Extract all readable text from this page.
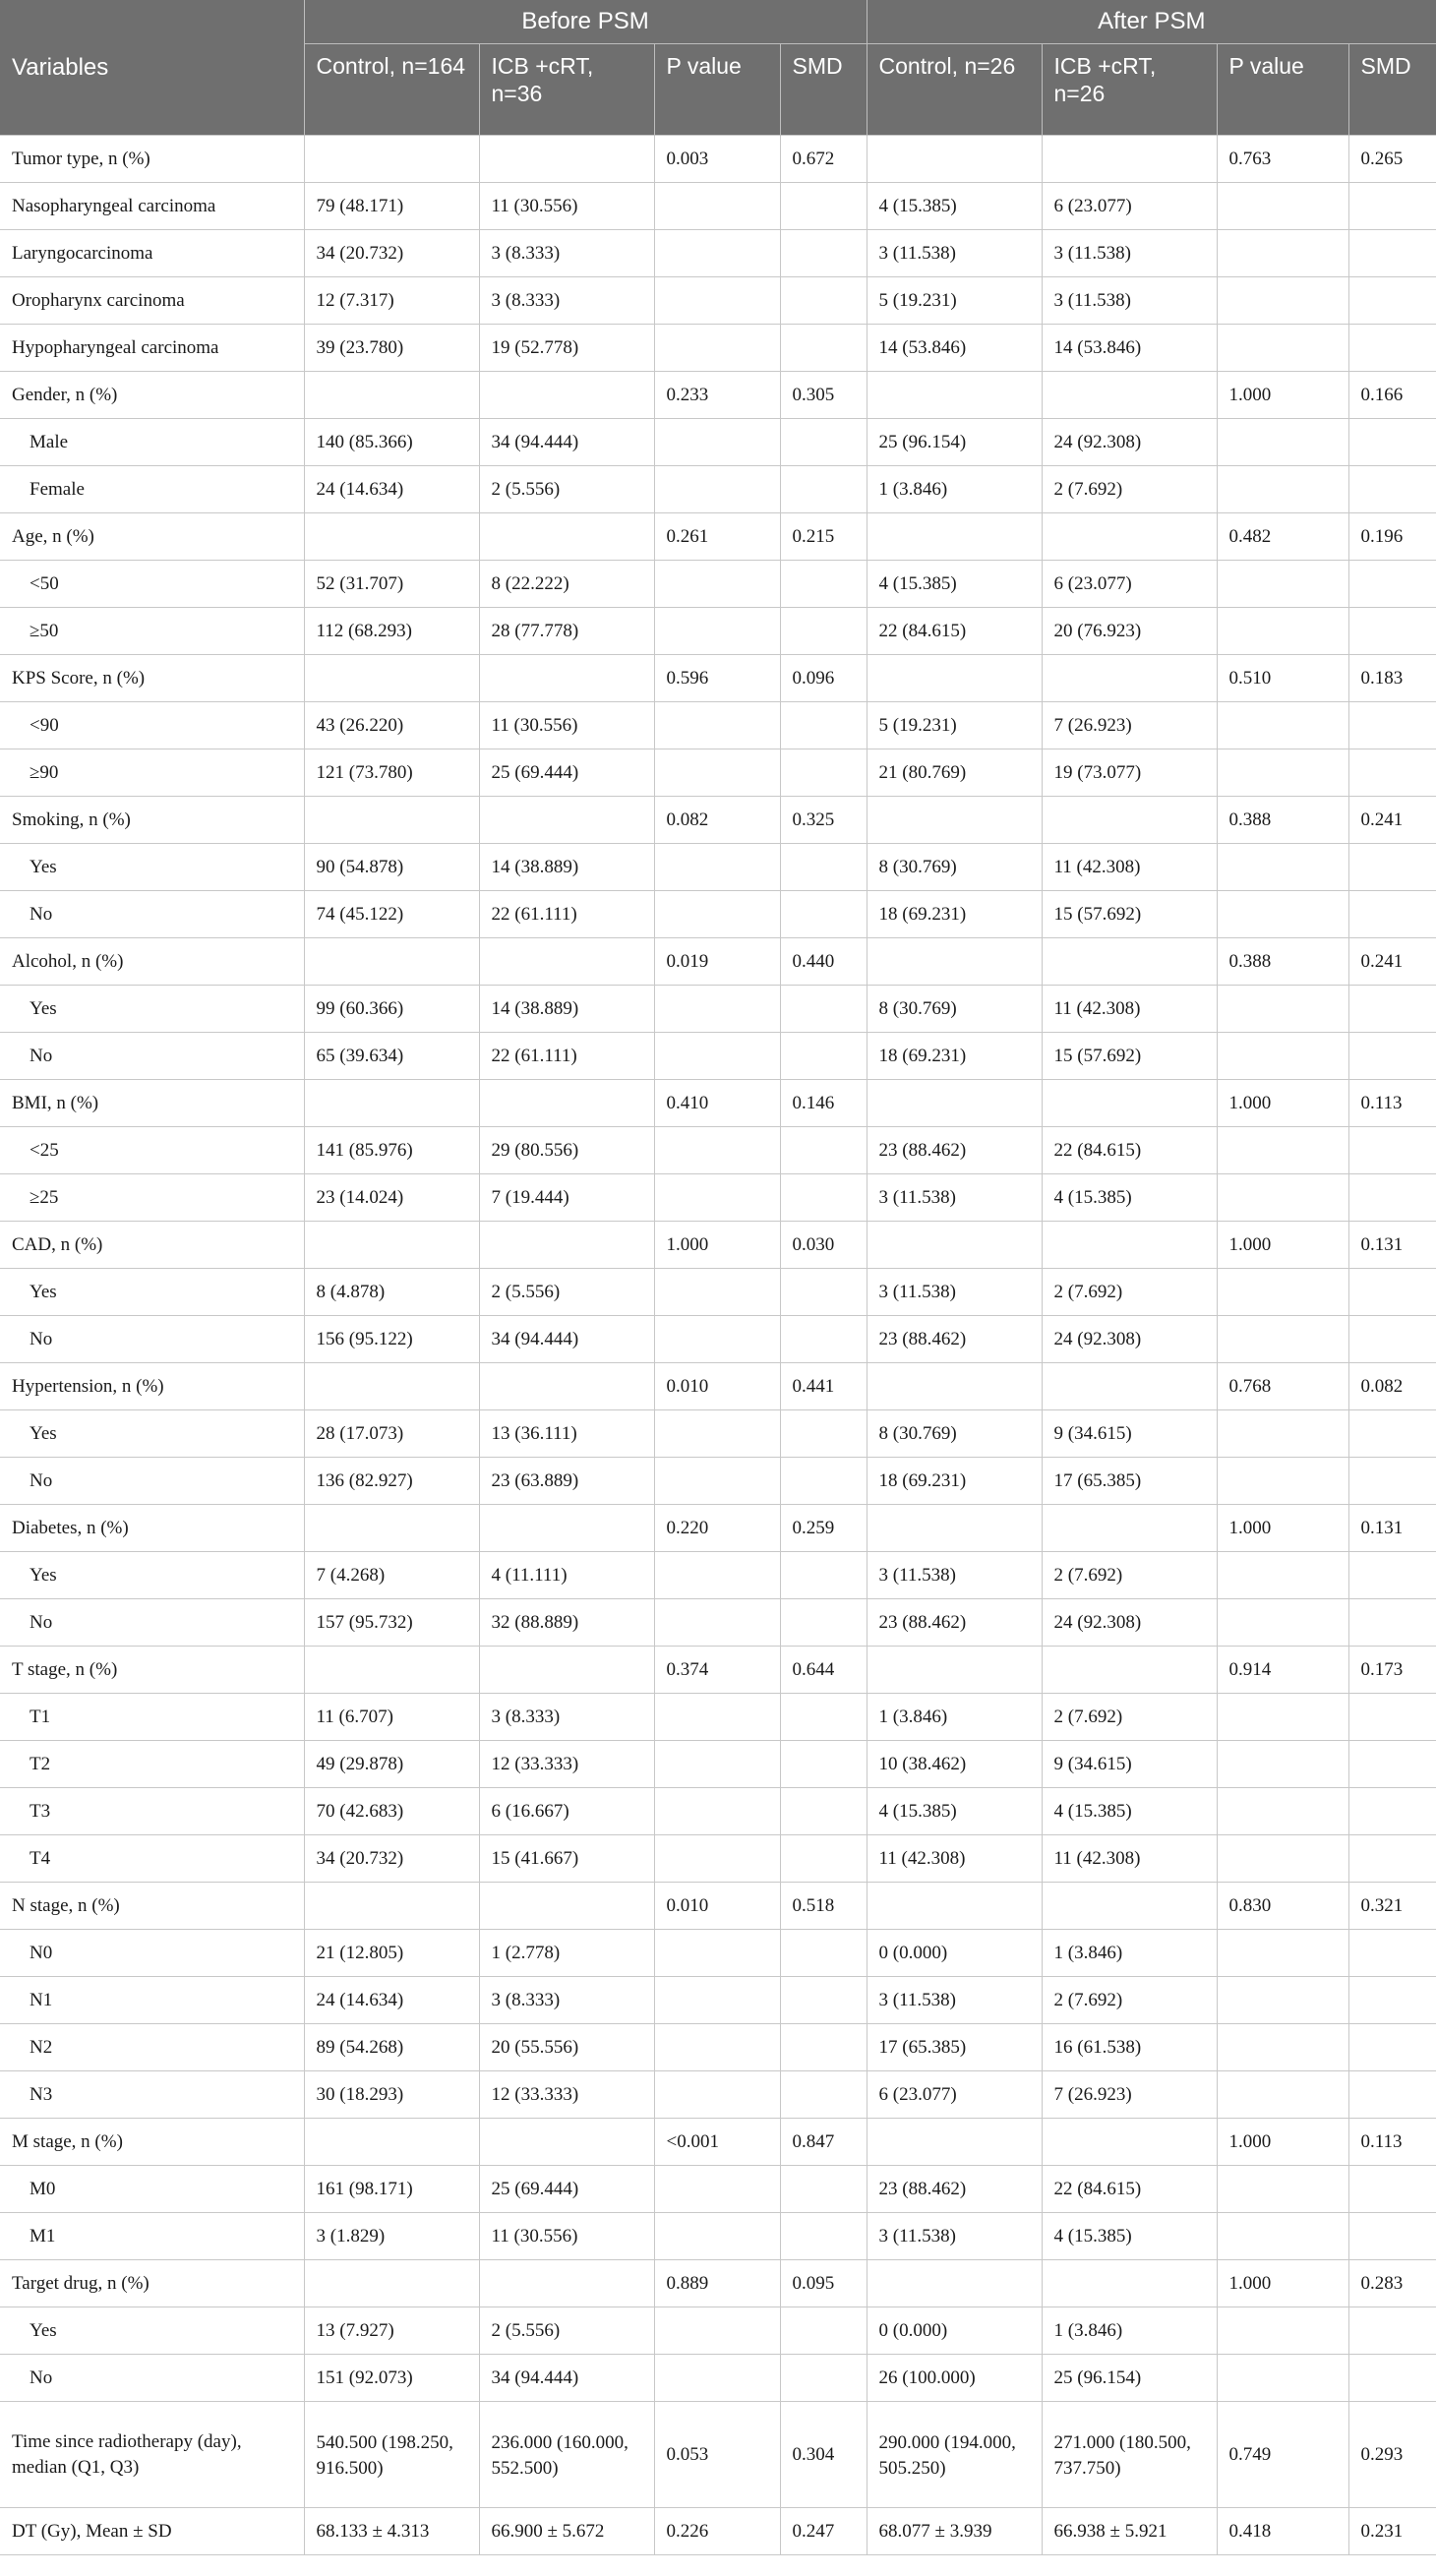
Variables	Before PSM				After PSM			
	Control, n=164	ICB +cRT, n=36	P value	SMD	Control, n=26	ICB +cRT, n=26	P value	SMD
Tumor type, n (%)			0.003	0.672			0.763	0.265
Nasopharyngeal carcinoma	79 (48.171)	11 (30.556)			4 (15.385)	6 (23.077)		
Laryngocarcinoma	34 (20.732)	3 (8.333)			3 (11.538)	3 (11.538)		
Oropharynx carcinoma	12 (7.317)	3 (8.333)			5 (19.231)	3 (11.538)		
Hypopharyngeal carcinoma	39 (23.780)	19 (52.778)			14 (53.846)	14 (53.846)		
Gender, n (%)			0.233	0.305			1.000	0.166
Male	140 (85.366)	34 (94.444)			25 (96.154)	24 (92.308)		
Female	24 (14.634)	2 (5.556)			1 (3.846)	2 (7.692)		
Age, n (%)			0.261	0.215			0.482	0.196
<50	52 (31.707)	8 (22.222)			4 (15.385)	6 (23.077)		
≥50	112 (68.293)	28 (77.778)			22 (84.615)	20 (76.923)		
KPS Score, n (%)			0.596	0.096			0.510	0.183
<90	43 (26.220)	11 (30.556)			5 (19.231)	7 (26.923)		
≥90	121 (73.780)	25 (69.444)			21 (80.769)	19 (73.077)		
Smoking, n (%)			0.082	0.325			0.388	0.241
Yes	90 (54.878)	14 (38.889)			8 (30.769)	11 (42.308)		
No	74 (45.122)	22 (61.111)			18 (69.231)	15 (57.692)		
Alcohol, n (%)			0.019	0.440			0.388	0.241
Yes	99 (60.366)	14 (38.889)			8 (30.769)	11 (42.308)		
No	65 (39.634)	22 (61.111)			18 (69.231)	15 (57.692)		
BMI, n (%)			0.410	0.146			1.000	0.113
<25	141 (85.976)	29 (80.556)			23 (88.462)	22 (84.615)		
≥25	23 (14.024)	7 (19.444)			3 (11.538)	4 (15.385)		
CAD, n (%)			1.000	0.030			1.000	0.131
Yes	8 (4.878)	2 (5.556)			3 (11.538)	2 (7.692)		
No	156 (95.122)	34 (94.444)			23 (88.462)	24 (92.308)		
Hypertension, n (%)			0.010	0.441			0.768	0.082
Yes	28 (17.073)	13 (36.111)			8 (30.769)	9 (34.615)		
No	136 (82.927)	23 (63.889)			18 (69.231)	17 (65.385)		
Diabetes, n (%)			0.220	0.259			1.000	0.131
Yes	7 (4.268)	4 (11.111)			3 (11.538)	2 (7.692)		
No	157 (95.732)	32 (88.889)			23 (88.462)	24 (92.308)		
T stage, n (%)			0.374	0.644			0.914	0.173
T1	11 (6.707)	3 (8.333)			1 (3.846)	2 (7.692)		
T2	49 (29.878)	12 (33.333)			10 (38.462)	9 (34.615)		
T3	70 (42.683)	6 (16.667)			4 (15.385)	4 (15.385)		
T4	34 (20.732)	15 (41.667)			11 (42.308)	11 (42.308)		
N stage, n (%)			0.010	0.518			0.830	0.321
N0	21 (12.805)	1 (2.778)			0 (0.000)	1 (3.846)		
N1	24 (14.634)	3 (8.333)			3 (11.538)	2 (7.692)		
N2	89 (54.268)	20 (55.556)			17 (65.385)	16 (61.538)		
N3	30 (18.293)	12 (33.333)			6 (23.077)	7 (26.923)		
M stage, n (%)			<0.001	0.847			1.000	0.113
M0	161 (98.171)	25 (69.444)			23 (88.462)	22 (84.615)		
M1	3 (1.829)	11 (30.556)			3 (11.538)	4 (15.385)		
Target drug, n (%)			0.889	0.095			1.000	0.283
Yes	13 (7.927)	2 (5.556)			0 (0.000)	1 (3.846)		
No	151 (92.073)	34 (94.444)			26 (100.000)	25 (96.154)		
Time since radiotherapy (day), median (Q1, Q3)	540.500 (198.250, 916.500)	236.000 (160.000, 552.500)	0.053	0.304	290.000 (194.000, 505.250)	271.000 (180.500, 737.750)	0.749	0.293
DT (Gy), Mean ± SD	68.133 ± 4.313	66.900 ± 5.672	0.226	0.247	68.077 ± 3.939	66.938 ± 5.921	0.418	0.231
